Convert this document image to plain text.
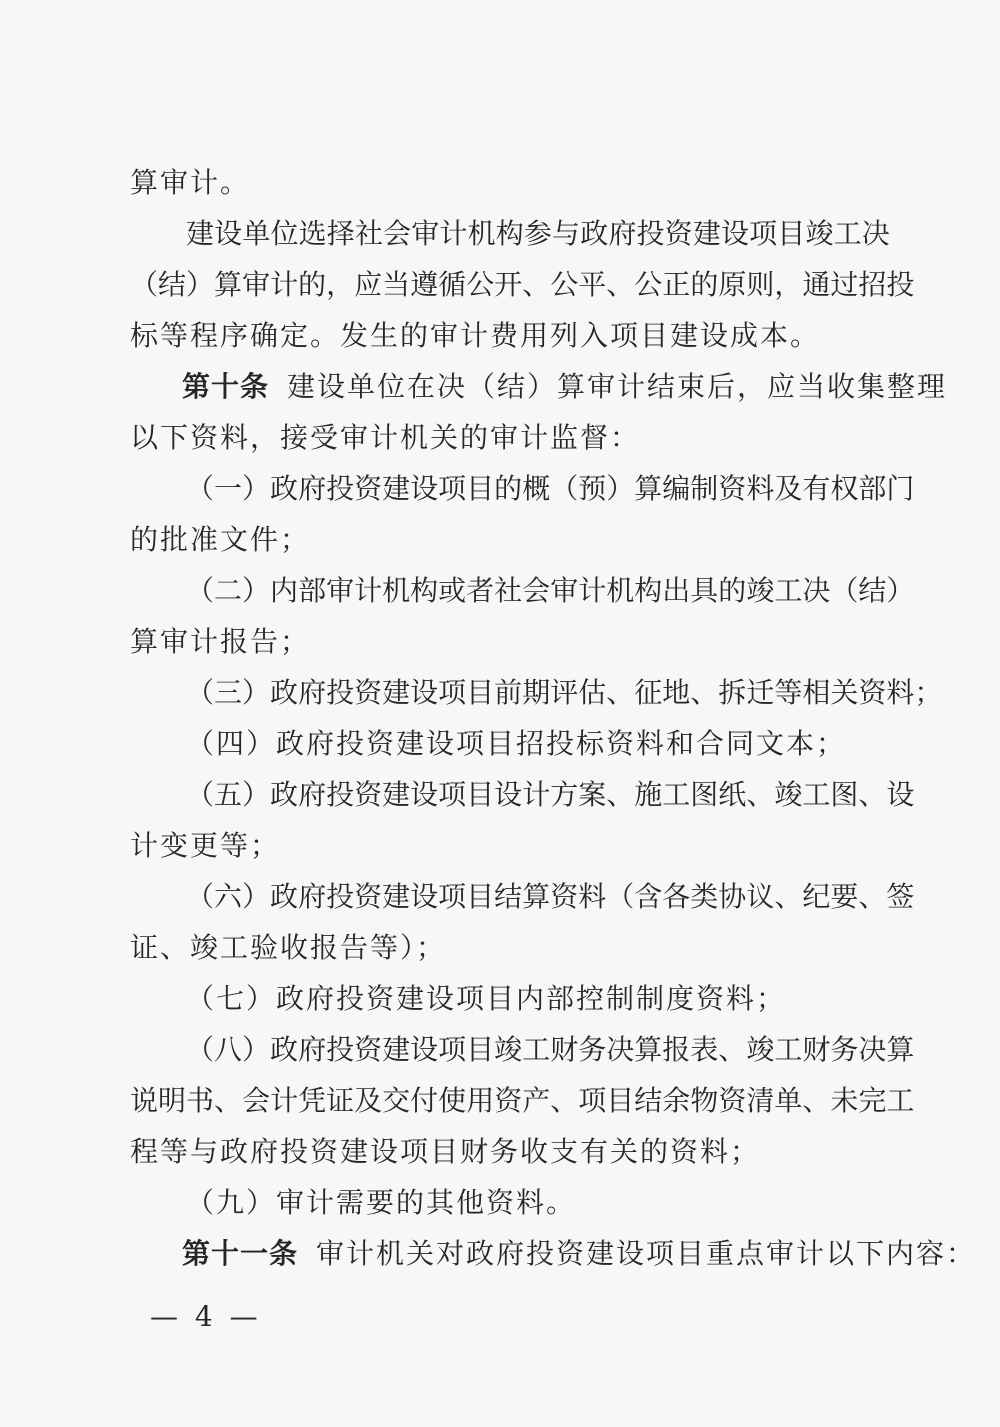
算审计。
建 设 单 位 选 择 社 会 审 计 机 构 参 与 政 府 投 资 建 设 项 目 竣 工 决
（ 结 ） 算 审 计 的 ， 应 当 遵 循 公 开 、 公 平 、 公 正 的 原 则 ， 通 过 招 投
标等程序确定。发生的审计费用列入项目建设成本。
第十条 建设单位在决（结）算审计结束后，应当收集整理
以下资料，接受审计机关的审计监督：
（ 一 ） 政 府 投 资 建 设 项 目 的 概 （ 预 ） 算 编 制 资 料 及 有 权 部 门
的批准文件；
（ 二 ） 内 部 审 计 机 构 或 者 社 会 审 计 机 构 出 具 的 竣 工 决 （ 结 ）
算审计报告；
（ 三 ） 政 府 投 资 建 设 项 目 前 期 评 估 、 征 地 、 拆 迁 等 相 关 资 料 ；
（四）政府投资建设项目招投标资料和合同文本；
（ 五 ） 政 府 投 资 建 设 项 目 设 计 方 案 、 施 工 图 纸 、 竣 工 图 、 设
计变更等；
（ 六 ） 政 府 投 资 建 设 项 目 结 算 资 料 （ 含 各 类 协 议 、 纪 要 、 签
证、竣工验收报告等）；
（七）政府投资建设项目内部控制制度资料；
（ 八 ） 政 府 投 资 建 设 项 目 竣 工 财 务 决 算 报 表 、 竣 工 财 务 决 算
说 明 书 、 会 计 凭 证 及 交 付 使 用 资 产 、 项 目 结 余 物 资 清 单 、 未 完 工
程等与政府投资建设项目财务收支有关的资料；
（九）审计需要的其他资料。
第十一条 审计机关对政府投资建设项目重点审计以下内容：
— 4 —
